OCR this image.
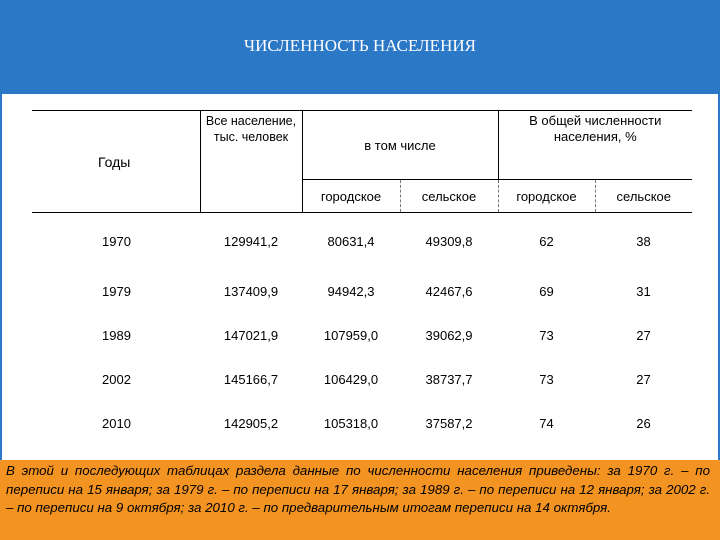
ЧИСЛЕННОСТЬ НАСЕЛЕНИЯ
Годы	Все население, тыс. человек	в том числе		В общей численности населения, %	
		городское	сельское	городское	сельское
1970	129941,2	80631,4	49309,8	62	38
1979	137409,9	94942,3	42467,6	69	31
1989	147021,9	107959,0	39062,9	73	27
2002	145166,7	106429,0	38737,7	73	27
2010	142905,2	105318,0	37587,2	74	26
В этой и последующих таблицах раздела данные по численности населения приведены: за 1970 г. – по переписи на 15 января; за 1979 г. – по переписи на 17 января; за 1989 г. – по переписи на 12 января; за 2002 г. – по переписи на 9 октября; за 2010 г. – по предварительным итогам переписи на 14 октября.
